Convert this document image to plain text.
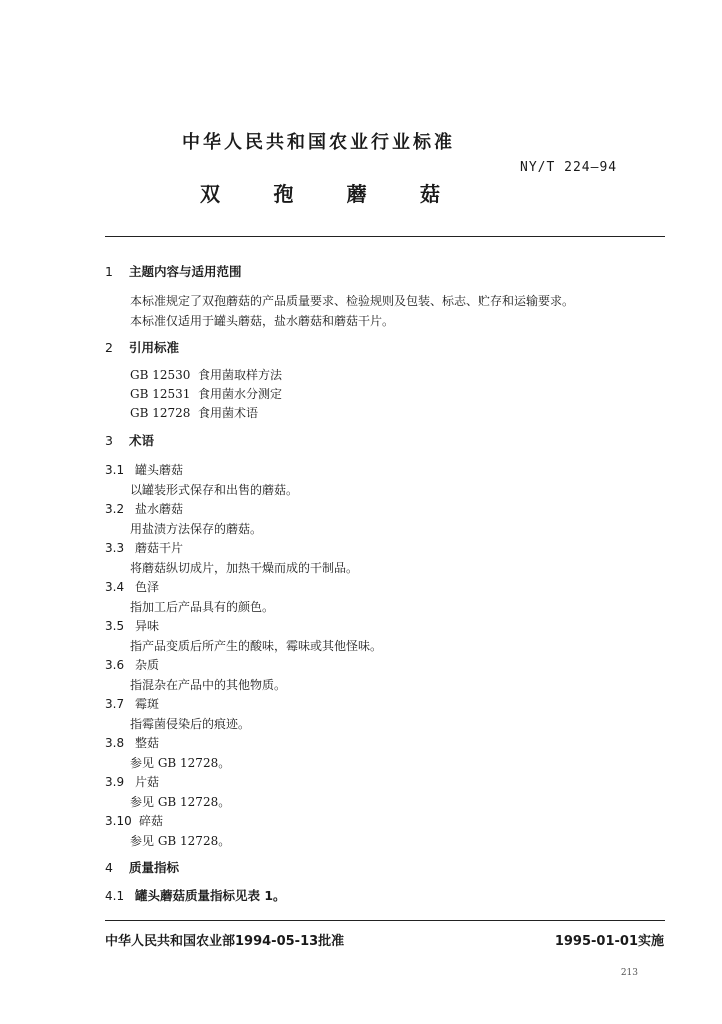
中华人民共和国农业行业标准
NY/T 224—94
双	孢	蘑	菇
1 主题内容与适用范围
本标准规定了双孢蘑菇的产品质量要求、检验规则及包装、标志、贮存和运输要求。
本标准仅适用于罐头蘑菇，盐水蘑菇和蘑菇干片。
2 引用标准
GB 12530 食用菌取样方法
GB 12531 食用菌水分测定
GB 12728 食用菌术语
3 术语
3.1 罐头蘑菇
以罐装形式保存和出售的蘑菇。
3.2 盐水蘑菇
用盐渍方法保存的蘑菇。
3.3 蘑菇干片
将蘑菇纵切成片，加热干燥而成的干制品。
3.4 色泽
指加工后产品具有的颜色。
3.5 异味
指产品变质后所产生的酸味，霉味或其他怪味。
3.6 杂质
指混杂在产品中的其他物质。
3.7 霉斑
指霉菌侵染后的痕迹。
3.8 整菇
参见 GB 12728。
3.9 片菇
参见 GB 12728。
3.10 碎菇
参见 GB 12728。
4 质量指标
4.1 罐头蘑菇质量指标见表 1。
中华人民共和国农业部1994-05-13批准	1995-01-01实施
213
